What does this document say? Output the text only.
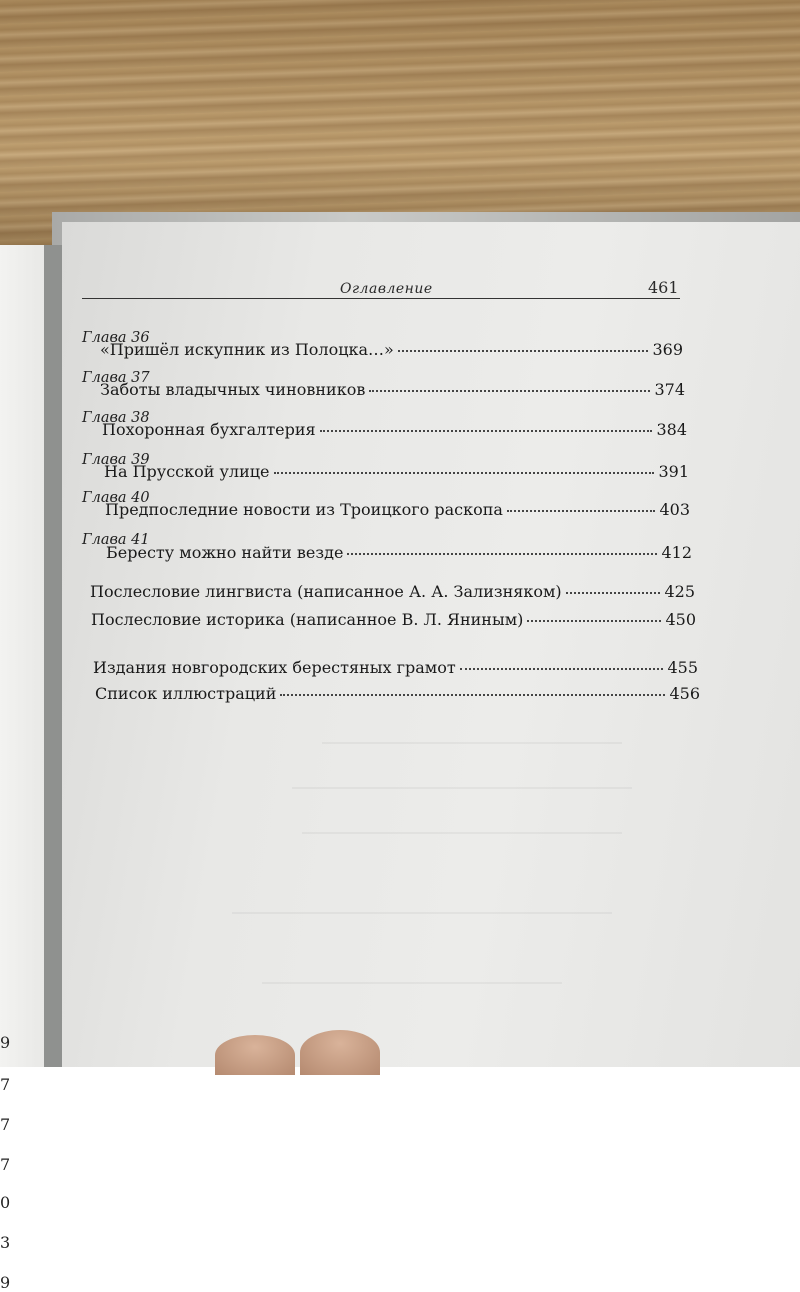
9
7
7
7
0
3
9
Оглавление	461
Глава 36
«Пришёл искупник из Полоцка…»	369
Глава 37
Заботы владычных чиновников	374
Глава 38
Похоронная бухгалтерия	384
Глава 39
На Прусской улице	391
Глава 40
Предпоследние новости из Троицкого раскопа	403
Глава 41
Бересту можно найти везде	412
Послесловие лингвиста (написанное А. А. Зализняком)	425
Послесловие историка (написанное В. Л. Яниным)	450
Издания новгородских берестяных грамот	455
Список иллюстраций	456
